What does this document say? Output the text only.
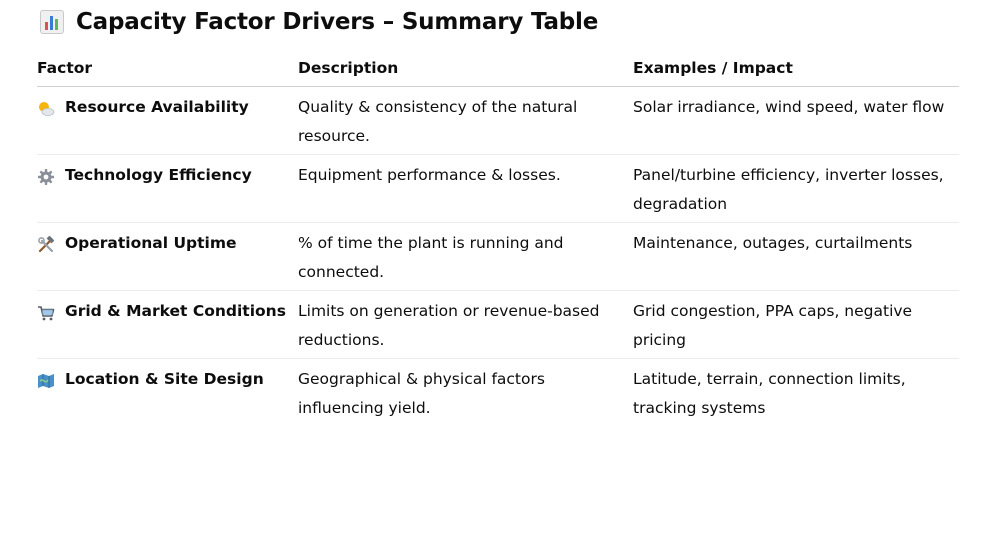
Capacity Factor Drivers – Summary Table
Factor	Description	Examples / Impact

Resource Availability	Quality & consistency of the natural resource.	Solar irradiance, wind speed, water flow

Technology Efficiency	Equipment performance & losses.	Panel/turbine efficiency, inverter losses, degradation

Operational Uptime	% of time the plant is running and connected.	Maintenance, outages, curtailments

Grid & Market Conditions	Limits on generation or revenue-based reductions.	Grid congestion, PPA caps, negative pricing

Location & Site Design	Geographical & physical factors influencing yield.	Latitude, terrain, connection limits, tracking systems
